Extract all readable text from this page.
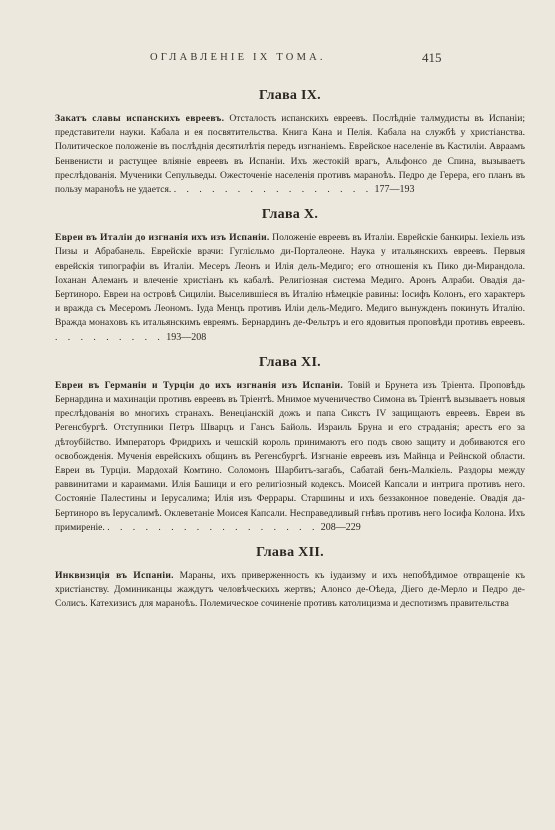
ОГЛАВЛЕНІЕ IX ТОМА.	415
Глава IX.
Закатъ славы испанскихъ евреевъ. Отсталость испанскихъ евреевъ. Послѣдніе талмудисты въ Испаніи; представители науки. Кабала и ея посвятительства. Книга Кана и Пелія. Кабала на службѣ у христіанства. Политическое положеніе въ послѣднія десятилѣтія передъ изгнаніемъ. Еврейское населеніе въ Кастиліи. Авраамъ Бенвенисти и растущее вліяніе евреевъ въ Испаніи. Ихъ жестокій врагъ, Альфонсо де Спина, вызываетъ преслѣдованія. Мученики Сепульведы. Ожесточеніе населенія противъ мараноѣъ. Педро де Герера, его планъ въ пользу мараноѣъ не удается. . . . . . . . . . . . . . . . . 177—193
Глава X.
Евреи въ Италіи до изгнанія ихъ изъ Испаніи. Положеніе евреевъ въ Италіи. Еврейскіе банкиры. Іехіель изъ Пизы и Абрабанель. Еврейскіе врачи: Гуглієльмо ди-Порталеоне. Наука у итальянскихъ евреевъ. Первыя еврейскія типографіи въ Италіи. Месеръ Леонъ и Илія дель-Медиго; его отношенія къ Пико ди-Мирандола. Іоханан Алеманъ и влеченіе христіанъ къ кабалѣ. Религіозная система Медиго. Аронъ Алраби. Овадія да-Бертиноро. Евреи на островѣ Сициліи. Выселившіеся въ Италію нѣмецкіе равины: Іосифъ Колонъ, его характеръ и вражда съ Месеромъ Леономъ. Іуда Менцъ противъ Иліи дель-Медиго. Медиго вынужденъ покинуть Италію. Вражда монаховъ къ итальянскимъ евреямъ. Бернардинъ де-Фельтръ и его ядовитыя проповѣди противъ евреевъ. . . . . . . . . . 193—208
Глава XI.
Евреи въ Германіи и Турціи до ихъ изгнанія изъ Испаніи. Товій и Брунета изъ Тріента. Проповѣдь Бернардина и махинаціи противъ евреевъ въ Тріентѣ. Мнимое мученичество Симона въ Тріентѣ вызываетъ новыя преслѣдованія во многихъ странахъ. Венеціанскій дожъ и папа Сикстъ IV защищаютъ евреевъ. Евреи въ Регенсбургѣ. Отступники Петръ Шварцъ и Гансъ Байоль. Израиль Бруна и его страданія; арестъ его за дѣтоубійство. Императоръ Фридрихъ и чешскій король принимаютъ его подъ свою защиту и добиваются его освобожденія. Мученія еврейскихъ общинъ въ Регенсбургѣ. Изгнаніе евреевъ изъ Майнца и Рейнской области. Евреи въ Турціи. Мардохай Комтино. Соломонъ Шарбитъ-загабъ, Сабатай бенъ-Малкіель. Раздоры между раввинитами и караимами. Илія Башици и его религіозный кодексъ. Моисей Капсали и интрига противъ него. Состояніе Палестины и Іерусалима; Илія изъ Феррары. Старшины и ихъ беззаконное поведеніе. Овадія да-Бертиноро въ Іерусалимѣ. Оклеветаніе Моисея Капсали. Несправедливый гнѣвъ противъ него Іосифа Колона. Ихъ примиреніе. . . . . . . . . . . . . . . . . . 208—229
Глава XII.
Инквизиція въ Испаніи. Мараны, ихъ приверженность къ іудаизму и ихъ непобѣдимое отвращеніе къ христіанству. Доминиканцы жаждутъ человѣческихъ жертвъ; Алонсо де-Оѣеда, Діего де-Мерло и Педро де-Солисъ. Катехизисъ для мараноѣъ. Полемическое сочиненіе противъ католицизма и деспотизмъ правительства
